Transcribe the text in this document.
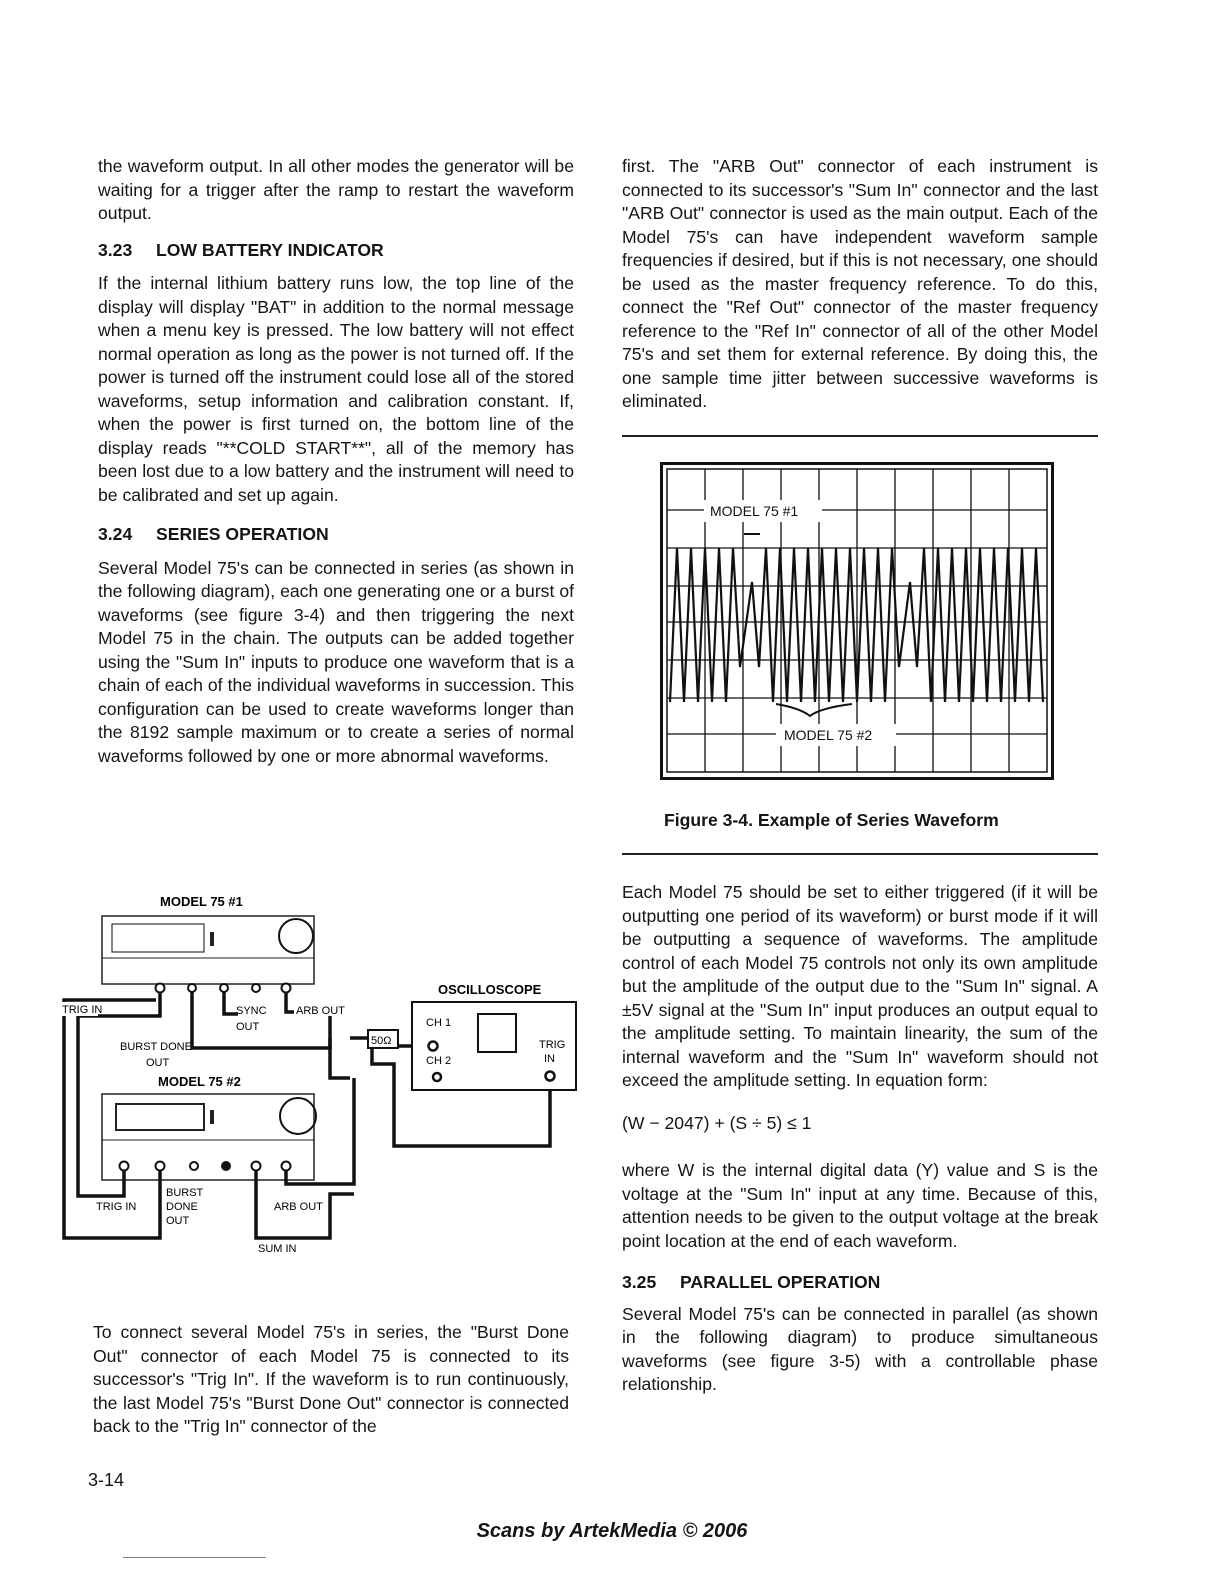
the waveform output. In all other modes the generator will be waiting for a trigger after the ramp to restart the waveform output.

3.23 LOW BATTERY INDICATOR

If the internal lithium battery runs low, the top line of the display will display "BAT" in addition to the normal message when a menu key is pressed. The low battery will not effect normal operation as long as the power is not turned off. If the power is turned off the instrument could lose all of the stored waveforms, setup information and calibration constant. If, when the power is first turned on, the bottom line of the display reads "**COLD START**", all of the memory has been lost due to a low battery and the instrument will need to be calibrated and set up again.

3.24 SERIES OPERATION

Several Model 75's can be connected in series (as shown in the following diagram), each one generating one or a burst of waveforms (see figure 3-4) and then triggering the next Model 75 in the chain. The outputs can be added together using the "Sum In" inputs to produce one waveform that is a chain of each of the individual waveforms in succession. This configuration can be used to create waveforms longer than the 8192 sample maximum or to create a series of normal waveforms followed by one or more abnormal waveforms.

To connect several Model 75's in series, the "Burst Done Out" connector of each Model 75 is connected to its successor's "Trig In". If the waveform is to run continuously, the last Model 75's "Burst Done Out" connector is connected back to the "Trig In" connector of the

first. The "ARB Out" connector of each instrument is connected to its successor's "Sum In" connector and the last "ARB Out" connector is used as the main output. Each of the Model 75's can have independent waveform sample frequencies if desired, but if this is not necessary, one should be used as the master frequency reference. To do this, connect the "Ref Out" connector of the master frequency reference to the "Ref In" connector of all of the other Model 75's and set them for external reference. By doing this, the one sample time jitter between successive waveforms is eliminated.

MODEL 75 #1
MODEL 75 #2
Figure 3-4. Example of Series Waveform

Each Model 75 should be set to either triggered (if it will be outputting one period of its waveform) or burst mode if it will be outputting a sequence of waveforms. The amplitude control of each Model 75 controls not only its own amplitude but the amplitude of the output due to the "Sum In" signal. A ±5V signal at the "Sum In" input produces an output equal to the amplitude setting. To maintain linearity, the sum of the internal waveform and the "Sum In" waveform should not exceed the amplitude setting. In equation form:

(W − 2047) + (S ÷ 5) ≤ 1

where W is the internal digital data (Y) value and S is the voltage at the "Sum In" input at any time. Because of this, attention needs to be given to the output voltage at the break point location at the end of each waveform.

3.25 PARALLEL OPERATION

Several Model 75's can be connected in parallel (as shown in the following diagram) to produce simultaneous waveforms (see figure 3-5) with a controllable phase relationship.

MODEL 75 #1
50Ω
OSCILLOSCOPE
CH 1
CH 2
TRIG
IN
TRIG IN	SYNC
OUT
ARB OUT
BURST DONE
OUT
MODEL 75 #2
TRIG IN
BURST
DONE
OUT
ARB OUT
SUM IN
3-14
Scans by ArtekMedia © 2006
